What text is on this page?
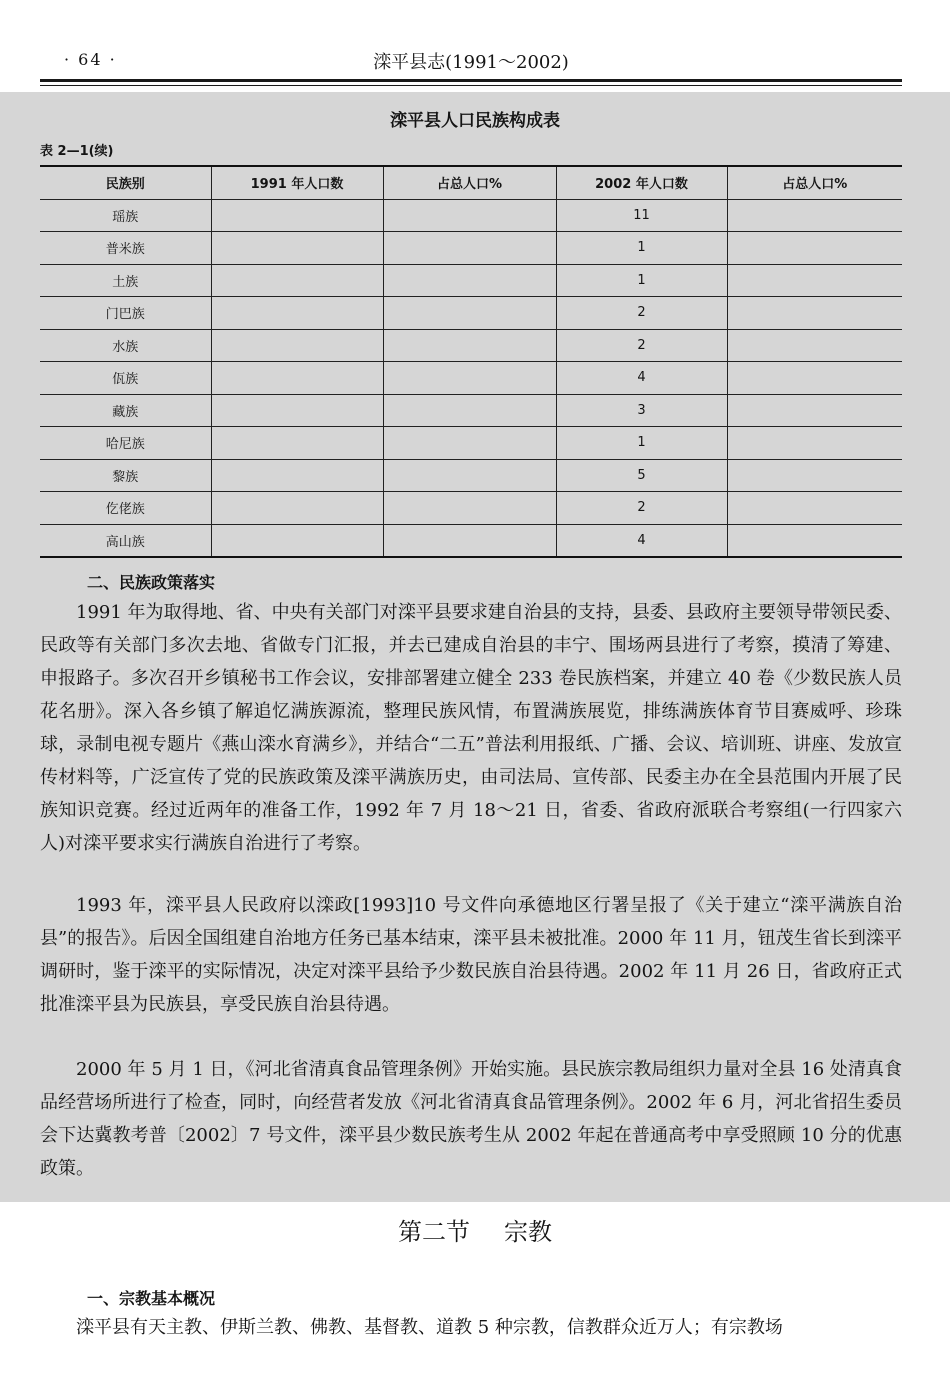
· 64 ·	滦平县志(1991～2002)
滦平县人口民族构成表
表 2—1(续)
民族别	1991 年人口数	占总人口%	2002 年人口数	占总人口%
瑶族			11	
普米族			1	
土族			1	
门巴族			2	
水族			2	
佤族			4	
藏族			3	
哈尼族			1	
黎族			5	
仡佬族			2	
高山族			4	
二、民族政策落实

1991 年为取得地、省、中央有关部门对滦平县要求建自治县的支持，县委、县政府主要领导带领民委、民政等有关部门多次去地、省做专门汇报，并去已建成自治县的丰宁、围场两县进行了考察，摸清了筹建、申报路子。多次召开乡镇秘书工作会议，安排部署建立健全 233 卷民族档案，并建立 40 卷《少数民族人员花名册》。深入各乡镇了解追忆满族源流，整理民族风情，布置满族展览，排练满族体育节目赛威呼、珍珠球，录制电视专题片《燕山滦水育满乡》，并结合“二五”普法利用报纸、广播、会议、培训班、讲座、发放宣传材料等，广泛宣传了党的民族政策及滦平满族历史，由司法局、宣传部、民委主办在全县范围内开展了民族知识竞赛。经过近两年的准备工作，1992 年 7 月 18～21 日，省委、省政府派联合考察组(一行四家六人)对滦平要求实行满族自治进行了考察。

1993 年，滦平县人民政府以滦政[1993]10 号文件向承德地区行署呈报了《关于建立“滦平满族自治县”的报告》。后因全国组建自治地方任务已基本结束，滦平县未被批准。2000 年 11 月，钮茂生省长到滦平调研时，鉴于滦平的实际情况，决定对滦平县给予少数民族自治县待遇。2002 年 11 月 26 日，省政府正式批准滦平县为民族县，享受民族自治县待遇。

2000 年 5 月 1 日，《河北省清真食品管理条例》开始实施。县民族宗教局组织力量对全县 16 处清真食品经营场所进行了检查，同时，向经营者发放《河北省清真食品管理条例》。2002 年 6 月，河北省招生委员会下达冀教考普〔2002〕7 号文件，滦平县少数民族考生从 2002 年起在普通高考中享受照顾 10 分的优惠政策。

第二节 宗教
一、宗教基本概况

滦平县有天主教、伊斯兰教、佛教、基督教、道教 5 种宗教，信教群众近万人；有宗教场
